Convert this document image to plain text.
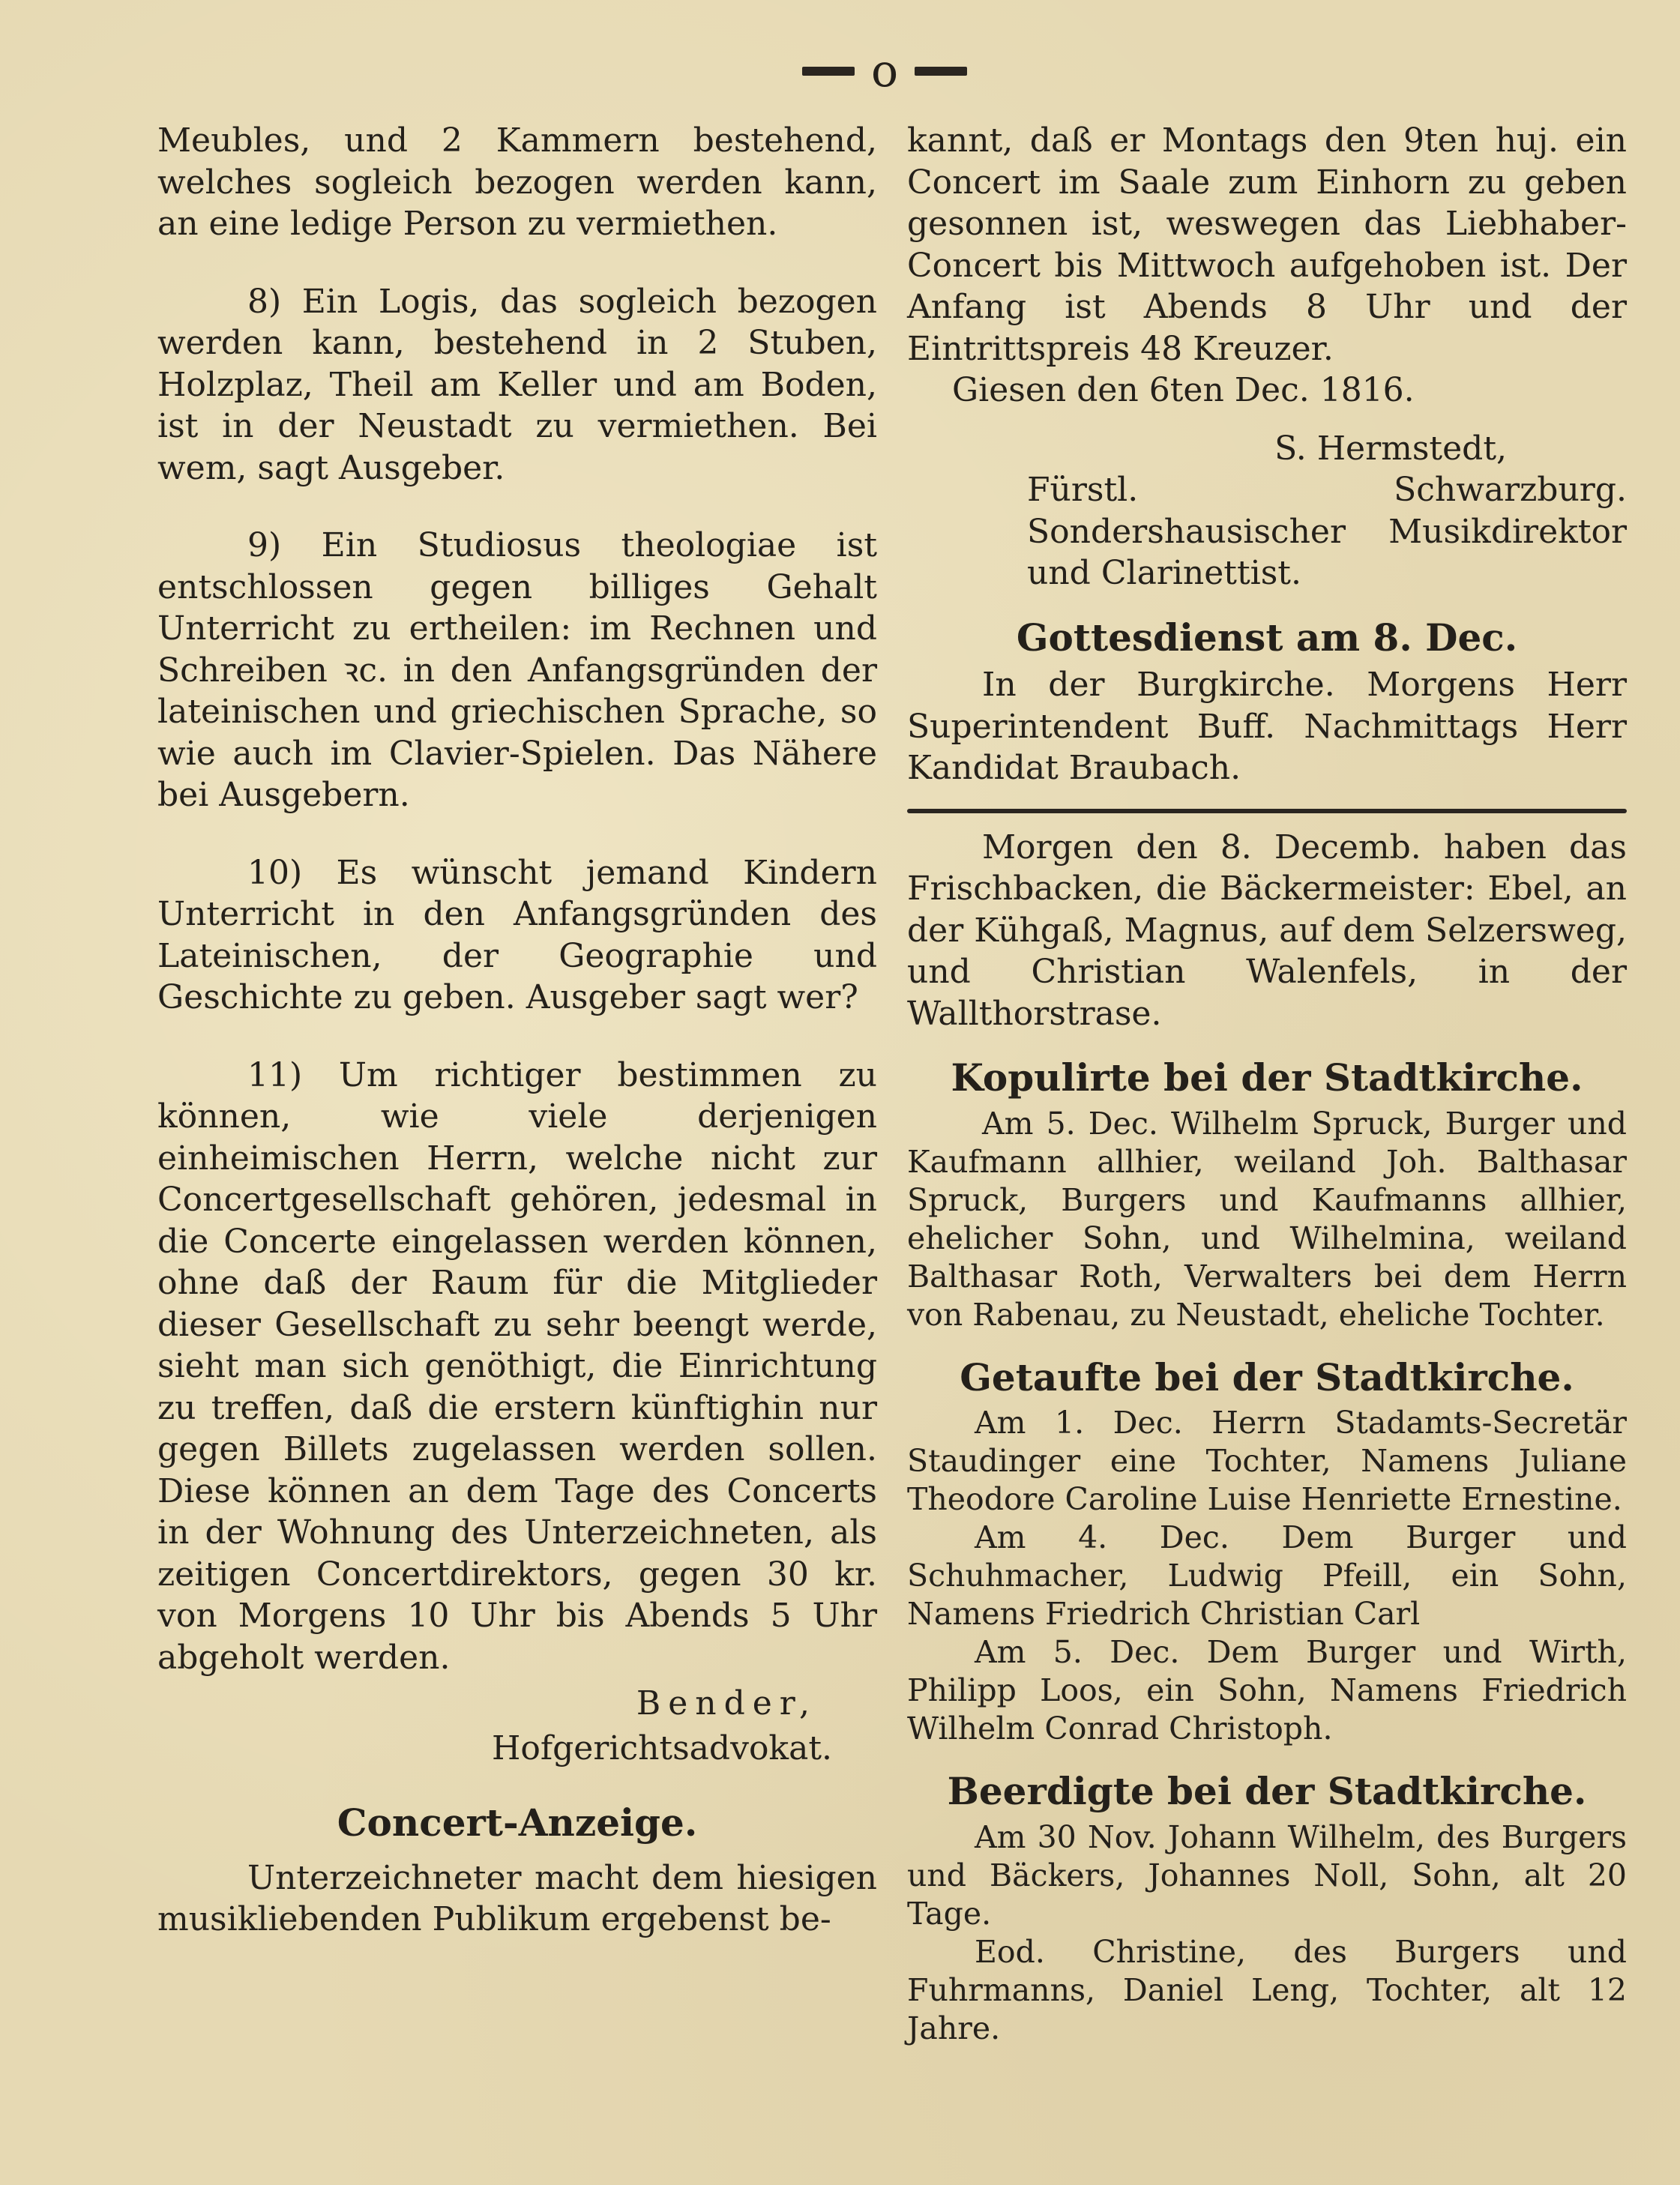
o

Meubles, und 2 Kammern bestehend, welches sogleich bezogen werden kann, an eine ledige Person zu vermiethen.

8) Ein Logis, das sogleich bezogen werden kann, bestehend in 2 Stuben, Holzplaz, Theil am Keller und am Boden, ist in der Neustadt zu vermiethen. Bei wem, sagt Ausgeber.

9) Ein Studiosus theologiae ist entschlossen gegen billiges Gehalt Unterricht zu ertheilen: im Rechnen und Schreiben ꝛc. in den Anfangsgründen der lateinischen und griechischen Sprache, so wie auch im Clavier-Spielen. Das Nähere bei Ausgebern.

10) Es wünscht jemand Kindern Unterricht in den Anfangsgründen des Lateinischen, der Geographie und Geschichte zu geben. Ausgeber sagt wer?

11) Um richtiger bestimmen zu können, wie viele derjenigen einheimischen Herrn, welche nicht zur Concertgesellschaft gehören, jedesmal in die Concerte eingelassen werden können, ohne daß der Raum für die Mitglieder dieser Gesellschaft zu sehr beengt werde, sieht man sich genöthigt, die Einrichtung zu treffen, daß die erstern künftighin nur gegen Billets zugelassen werden sollen. Diese können an dem Tage des Concerts in der Wohnung des Unterzeichneten, als zeitigen Concertdirektors, gegen 30 kr. von Morgens 10 Uhr bis Abends 5 Uhr abgeholt werden.

Bender,

Hofgerichtsadvokat.

Concert-Anzeige.

Unterzeichneter macht dem hiesigen musikliebenden Publikum ergebenst be-

kannt, daß er Montags den 9ten huj. ein Concert im Saale zum Einhorn zu geben gesonnen ist, weswegen das Liebhaber-Concert bis Mittwoch aufgehoben ist. Der Anfang ist Abends 8 Uhr und der Eintrittspreis 48 Kreuzer.

Giesen den 6ten Dec. 1816.

S. Hermstedt,

Fürstl. Schwarzburg. Sondershausischer Musikdirektor und Clarinettist.

Gottesdienst am 8. Dec.

In der Burgkirche. Morgens Herr Superintendent Buff. Nachmittags Herr Kandidat Braubach.

Morgen den 8. Decemb. haben das Frischbacken, die Bäckermeister: Ebel, an der Kühgaß, Magnus, auf dem Selzersweg, und Christian Walenfels, in der Wallthorstrase.

Kopulirte bei der Stadtkirche.

Am 5. Dec. Wilhelm Spruck, Burger und Kaufmann allhier, weiland Joh. Balthasar Spruck, Burgers und Kaufmanns allhier, ehelicher Sohn, und Wilhelmina, weiland Balthasar Roth, Verwalters bei dem Herrn von Rabenau, zu Neustadt, eheliche Tochter.

Getaufte bei der Stadtkirche.

Am 1. Dec. Herrn Stadamts-Secretär Staudinger eine Tochter, Namens Juliane Theodore Caroline Luise Henriette Ernestine.

Am 4. Dec. Dem Burger und Schuhmacher, Ludwig Pfeill, ein Sohn, Namens Friedrich Christian Carl

Am 5. Dec. Dem Burger und Wirth, Philipp Loos, ein Sohn, Namens Friedrich Wilhelm Conrad Christoph.

Beerdigte bei der Stadtkirche.

Am 30 Nov. Johann Wilhelm, des Burgers und Bäckers, Johannes Noll, Sohn, alt 20 Tage.

Eod. Christine, des Burgers und Fuhrmanns, Daniel Leng, Tochter, alt 12 Jahre.
